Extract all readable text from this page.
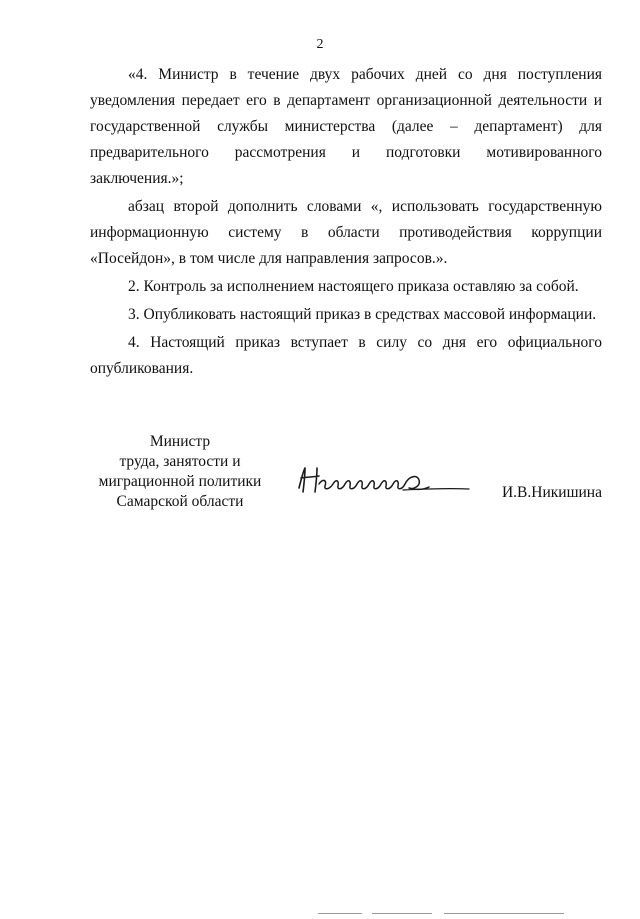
2

«4. Министр в течение двух рабочих дней со дня поступления уведомления передает его в департамент организационной деятельности и государственной службы министерства (далее – департамент) для предварительного рассмотрения и подготовки мотивированного заключения.»;

абзац второй дополнить словами «, использовать государственную информационную систему в области противодействия коррупции «Посейдон», в том числе для направления запросов.».

2. Контроль за исполнением настоящего приказа оставляю за собой.

3. Опубликовать настоящий приказ в средствах массовой информации.

4. Настоящий приказ вступает в силу со дня его официального опубликования.

Министр
труда, занятости и
миграционной политики
Самарской области
И.В.Никишина
